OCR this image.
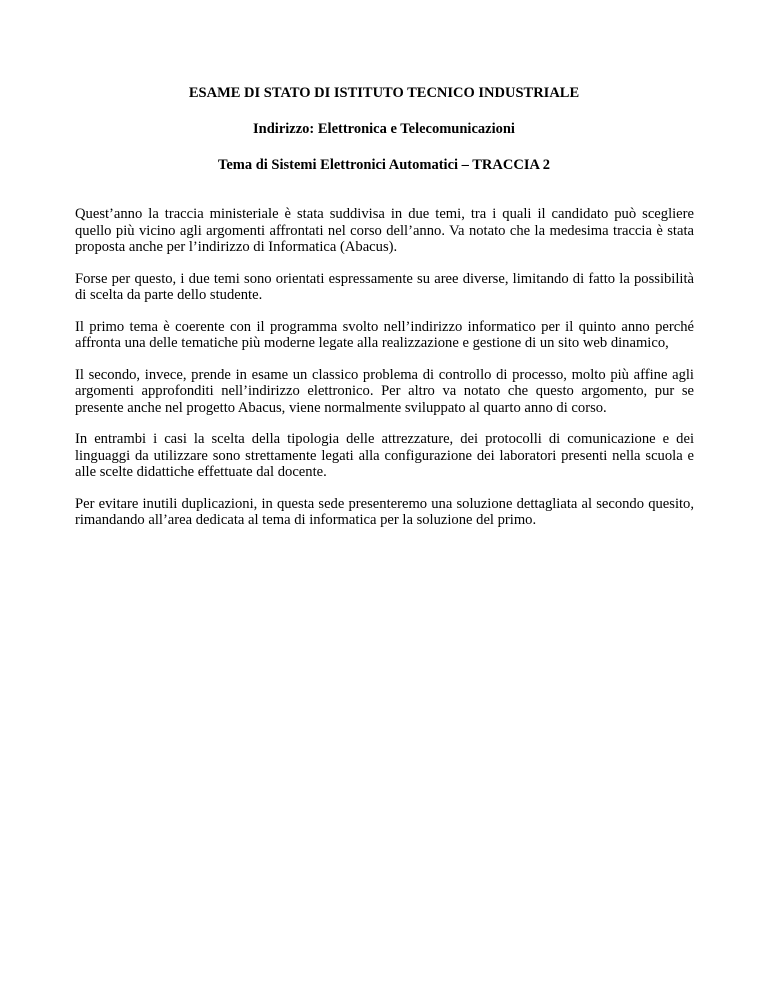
ESAME DI STATO DI ISTITUTO TECNICO INDUSTRIALE
Indirizzo: Elettronica e Telecomunicazioni
Tema di Sistemi Elettronici Automatici – TRACCIA 2

Quest’anno la traccia ministeriale è stata suddivisa in due temi, tra i quali il candidato può scegliere quello più vicino agli argomenti affrontati nel corso dell’anno. Va notato che la medesima traccia è stata proposta anche per l’indirizzo di Informatica (Abacus).

Forse per questo, i due temi sono orientati espressamente su aree diverse, limitando di fatto la possibilità di scelta da parte dello studente.

Il primo tema è coerente con il programma svolto nell’indirizzo informatico per il quinto anno perché affronta una delle tematiche più moderne legate alla realizzazione e gestione di un sito web dinamico,

Il secondo, invece, prende in esame un classico problema di controllo di processo, molto più affine agli argomenti approfonditi nell’indirizzo elettronico. Per altro va notato che questo argomento, pur se presente anche nel progetto Abacus, viene normalmente sviluppato al quarto anno di corso.

In entrambi i casi la scelta della tipologia delle attrezzature, dei protocolli di comunicazione e dei linguaggi da utilizzare sono strettamente legati alla configurazione dei laboratori presenti nella scuola e alle scelte didattiche effettuate dal docente.

Per evitare inutili duplicazioni, in questa sede presenteremo una soluzione dettagliata al secondo quesito, rimandando all’area dedicata al tema di informatica per la soluzione del primo.
